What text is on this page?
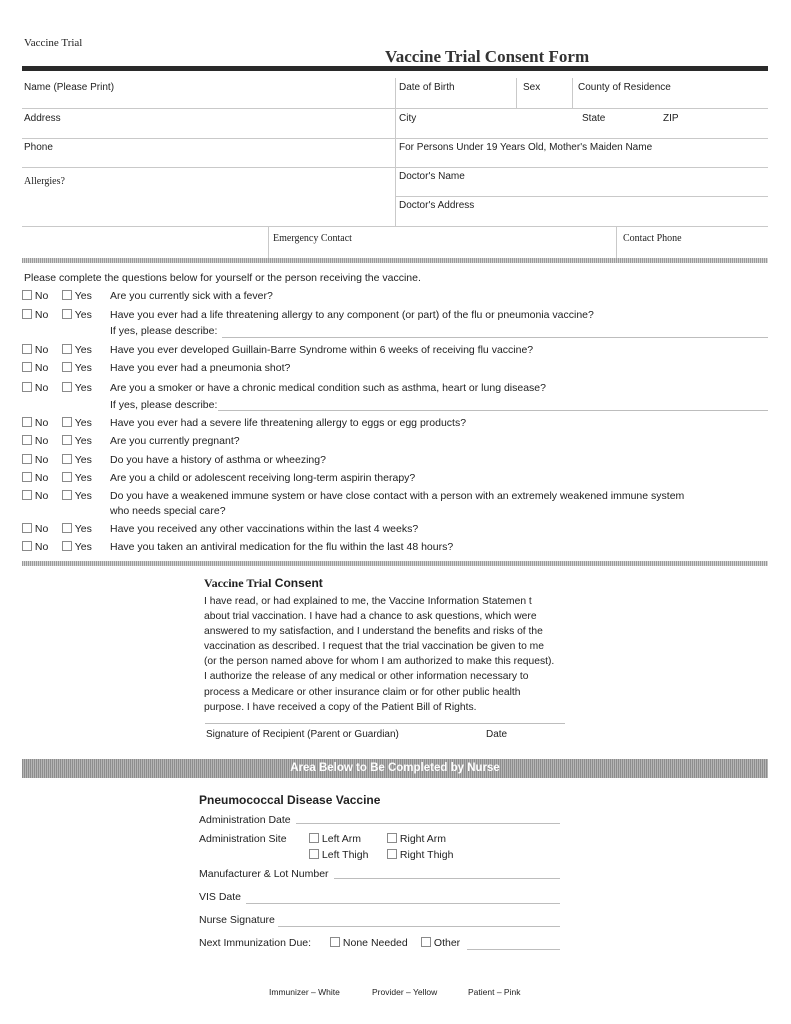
Vaccine Trial
Vaccine Trial Consent Form
Name (Please Print)	Date of Birth	Sex	County of Residence
Address	City	State	ZIP
Phone	For Persons Under 19 Years Old, Mother's Maiden Name
Allergies?	Doctor's Name
Doctor's Address
Emergency Contact	Contact Phone
Please complete the questions below for yourself or the person receiving the vaccine.
No	Yes Are you currently sick with a fever?
No	Yes Have you ever had a life threatening allergy to any component (or part) of the flu or pneumonia vaccine?
If yes, please describe:
No	Yes Have you ever developed Guillain-Barre Syndrome within 6 weeks of receiving flu vaccine?
No	Yes Have you ever had a pneumonia shot?
No	Yes Are you a smoker or have a chronic medical condition such as asthma, heart or lung disease?
If yes, please describe:
No	Yes Have you ever had a severe life threatening allergy to eggs or egg products?
No	Yes Are you currently pregnant?
No	Yes Do you have a history of asthma or wheezing?
No	Yes Are you a child or adolescent receiving long-term aspirin therapy?
No	Yes Do you have a weakened immune system or have close contact with a person with an extremely weakened immune system
who needs special care?
No	Yes Have you received any other vaccinations within the last 4 weeks?
No	Yes Have you taken an antiviral medication for the flu within the last 48 hours?
Vaccine Trial Consent
I have read, or had explained to me, the Vaccine Information Statemen t
about trial vaccination. I have had a chance to ask questions, which were
answered to my satisfaction, and I understand the benefits and risks of the
vaccination as described. I request that the trial vaccination be given to me
(or the person named above for whom I am authorized to make this request).
I authorize the release of any medical or other information necessary to
process a Medicare or other insurance claim or for other public health
purpose. I have received a copy of the Patient Bill of Rights.
Signature of Recipient (Parent or Guardian)	Date
Area Below to Be Completed by Nurse
Pneumococcal Disease Vaccine
Administration Date
Administration Site	Left Arm	Right Arm
Left Thigh	Right Thigh
Manufacturer & Lot Number
VIS Date
Nurse Signature
Next Immunization Due:	None Needed	Other
Immunizer – White	Provider – Yellow	Patient – Pink
